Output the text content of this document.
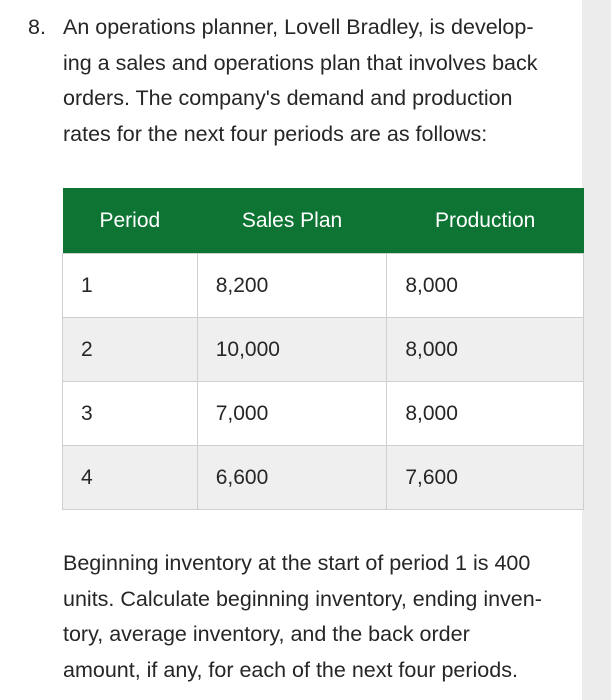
8. An operations planner, Lovell Bradley, is develop-
ing a sales and operations plan that involves back
orders. The company's demand and production
rates for the next four periods are as follows:
Period	Sales Plan	Production
1	8,200	8,000
2	10,000	8,000
3	7,000	8,000
4	6,600	7,600
Beginning inventory at the start of period 1 is 400
units. Calculate beginning inventory, ending inven-
tory, average inventory, and the back order
amount, if any, for each of the next four periods.
